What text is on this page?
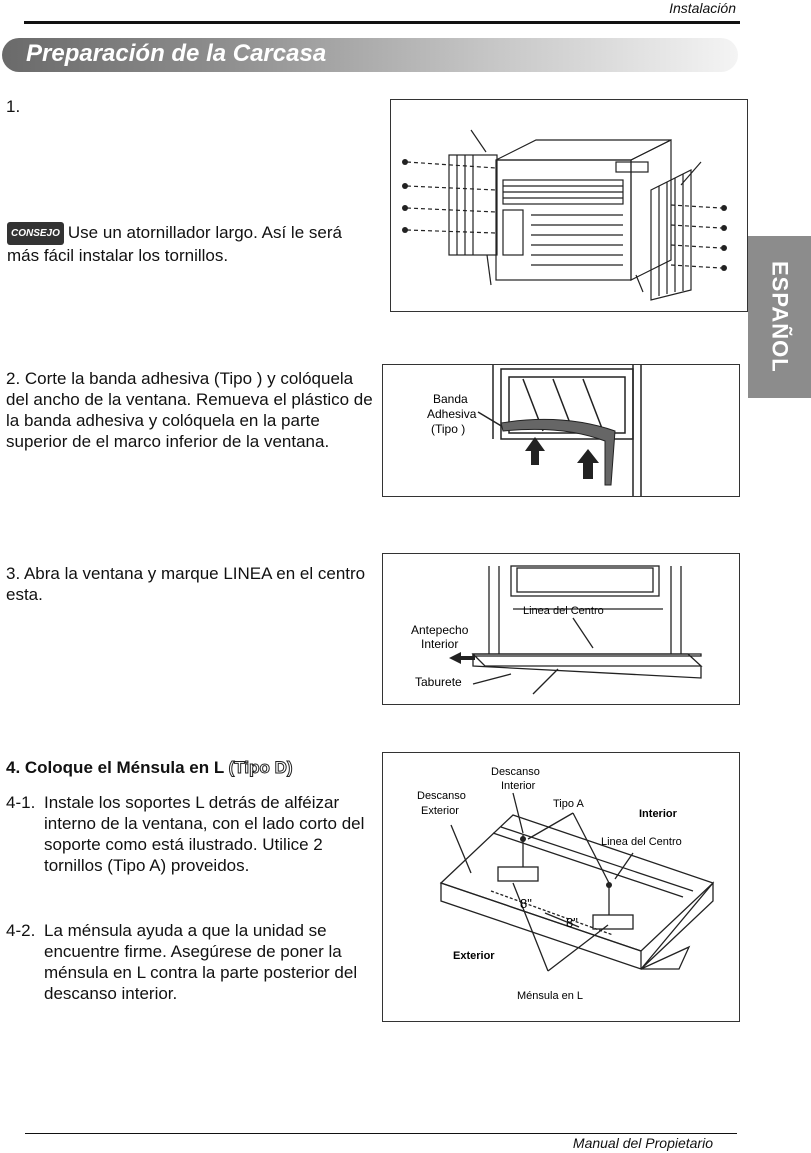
Instalación
Preparación de la Carcasa
ESPAÑOL
1.
CONSEJO Use un atornillador largo. Así le será más fácil instalar los tornillos.
2. Corte la banda adhesiva (Tipo ) y colóquela del ancho de la ventana. Remueva el plástico de la banda adhesiva y colóquela en la parte superior de el marco inferior de la ventana.
Banda
Adhesiva
(Tipo )
3. Abra la ventana y marque LINEA en el centro esta.
Linea del Centro
Antepecho
Interior
Taburete
4. Coloque el Ménsula en L (Tipo D)
4-1. Instale los soportes L detrás de alféizar interno de la ventana, con el lado corto del soporte como está ilustrado. Utilice 2 tornillos (Tipo A) proveidos.
4-2. La ménsula ayuda a que la unidad se encuentre firme. Asegúrese de poner la ménsula en L contra la parte posterior del descanso interior.
Descanso
Interior
Descanso
Exterior
Tipo A
Interior
Linea del Centro
Exterior
8"
8"
Ménsula en L
Manual del Propietario
